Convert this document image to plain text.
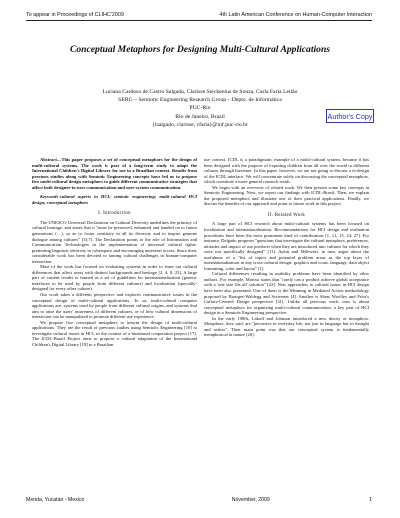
To appear in Proceedings of CLIHC'2009	4th Latin American Conference on Human-Computer Interaction
Conceptual Metaphors for Designing Multi-Cultural Applications
Luciana Cardoso de Castro Salgado, Clarisse Sieckenius de Souza, Carla Faria Leitão
SERG – Semiotic Engineering Research Group – Depto. de Informática
PUC-Rio
Rio de Janeiro, Brazil
{lsalgado, clarisse, cfaria}@inf.puc-rio.br
Author's Copy

Abstract—This paper proposes a set of conceptual metaphors for the design of multi-cultural systems. The work is part of a long-term study to adapt the International Children's Digital Library for use in a Brazilian context. Results from previous studies along with Semiotic Engineering concepts have led us to propose five multi-cultural design metaphors to guide different communicative strategies that affect both designer-to-user communication and user-system communication.

Keywords-cultural aspects in HCI; semiotic engineering; multi-cultural HCI design; conceptual metaphors

I. Introduction

The UNESCO Universal Declaration on Cultural Diversity underlines the primacy of cultural heritage, and states that it "must be preserved, enhanced and handed on to future generations (…), so as to foster creativity in all its diversity and to inspire genuine dialogue among cultures" [3]:7]. The Declaration points to the role of Information and Communication Technologies in the implementation of universal cultural rights: promoting linguistic diversity in cyberspace and encouraging universal access. Since then, considerable work has been devoted to taming cultural challenges in human-computer interaction.

Most of the work has focused on evaluating systems in order to tease out cultural differences that affect users with distinct backgrounds and heritage [2, 4, 8, 25]. A large part of current results is framed as a set of guidelines for internationalization (generic interfaces to be used by people from different cultures) and localization (specially-designed for every other culture).

Our work takes a different perspective and explores communicative issues in the conceptual design of multi-cultural applications. To us, multi-cultural computer applications are: systems used by people from different cultural origins, and systems that aim to raise the users' awareness of different cultures, or of how cultural dimensions of interaction can be manipulated to promote different use experience.

We propose five conceptual metaphors to inform the design of multi-cultural applications. They are the result of previous studies using Semiotic Engineering [10] to investigate cultural issues in HCI, in the context of a binational cooperation project [17]. The ICDL-Brazil Project aims to propose a cultural adaptation of the International Children's Digital Library [18] to a Brazilian

use context. ICDL is a paradigmatic example of a multi-cultural system, because it has been designed with the purpose of exposing children from all over the world to different cultures through literature. In this paper, however, we are not going to discuss a re-design of the ICDL interface. We will concentrate solely on discussing the conceptual metaphors, which constitute a more general research result.

We begin with an overview of related work. We then present some key concepts in Semiotic Engineering. Next, we report our findings with ICDL-Brasil. Then, we explain the proposed metaphors and illustrate one of their practical applications. Finally, we discuss the benefits of our approach and point to future work in this project.

II. Related Work

A large part of HCI research about multi-cultural systems has been focused on localization and internationalization. Recommendations for HCI design and evaluation procedures have been the most prominent kind of contributions [1, 11, 15, 24, 27]. For instance, Delgado proposes "questions that investigate the cultural metaphors, preferences, attitudes and impact of our products when they are introduced into cultures for which they were not specifically designed" [11]. Aykin and Milewski, in turn, argue about the usefulness of a "list of topics and potential problem areas as the top layer of internationalization in any cross-cultural design: graphics and icons, language, data object formatting, color and layout" [1].

Cultural differences resulting in usability problems have been identified by other authors. For example, Marcus states that "rarely can a product achieve global acceptance with a 'one size fits all' solution" [22]. New approaches to cultural issues in HCI design have been also presented. One of them is the Meaning in Mediated Action methodology proposed by Bourges-Waldegg and Scrivener [4]. Another is Shen, Woolley and Prior's Culture-Centred Design perspective [31]. Unlike all previous work, ours is about conceptual metaphors for organizing multi-cultural communication, a key part of HCI design in a Semiotic Engineering perspective.

In the early 1980s, Lakoff and Johnson introduced a new theory of metaphors. Metaphors, they said, are "pervasive in everyday life, not just in language but in thought and action". Their main point was that our conceptual system is fundamentally metaphorical in nature [20].

Merida, Yucatán - Mexico	November, 2009	1
